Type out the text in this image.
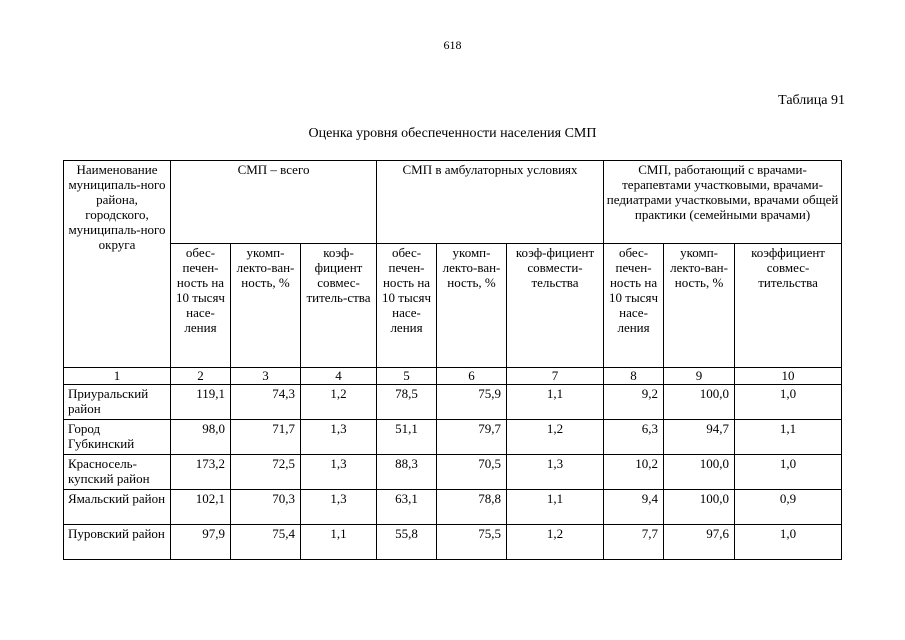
618
Таблица 91
Оценка уровня обеспеченности населения СМП
Наименование муниципаль-ного района, городского, муниципаль-ного округа	СМП – всего			СМП в амбулаторных условиях			СМП, работающий с врачами-терапевтами участковыми, врачами-педиатрами участковыми, врачами общей практики (семейными врачами)		
	обес-печен-ность на 10 тысяч насе-ления	укомп-лекто-ван-ность, %	коэф-фициент совмес-титель-ства	обес-печен-ность на 10 тысяч насе-ления	укомп-лекто-ван-ность, %	коэф-фициент совмести-тельства	обес-печен-ность на 10 тысяч насе-ления	укомп-лекто-ван-ность, %	коэффициент совмес-тительства
1	2	3	4	5	6	7	8	9	10
Приуральский район	119,1	74,3	1,2	78,5	75,9	1,1	9,2	100,0	1,0
Город Губкинский	98,0	71,7	1,3	51,1	79,7	1,2	6,3	94,7	1,1
Красносель-купский район	173,2	72,5	1,3	88,3	70,5	1,3	10,2	100,0	1,0
Ямальский район	102,1	70,3	1,3	63,1	78,8	1,1	9,4	100,0	0,9
Пуровский район	97,9	75,4	1,1	55,8	75,5	1,2	7,7	97,6	1,0
